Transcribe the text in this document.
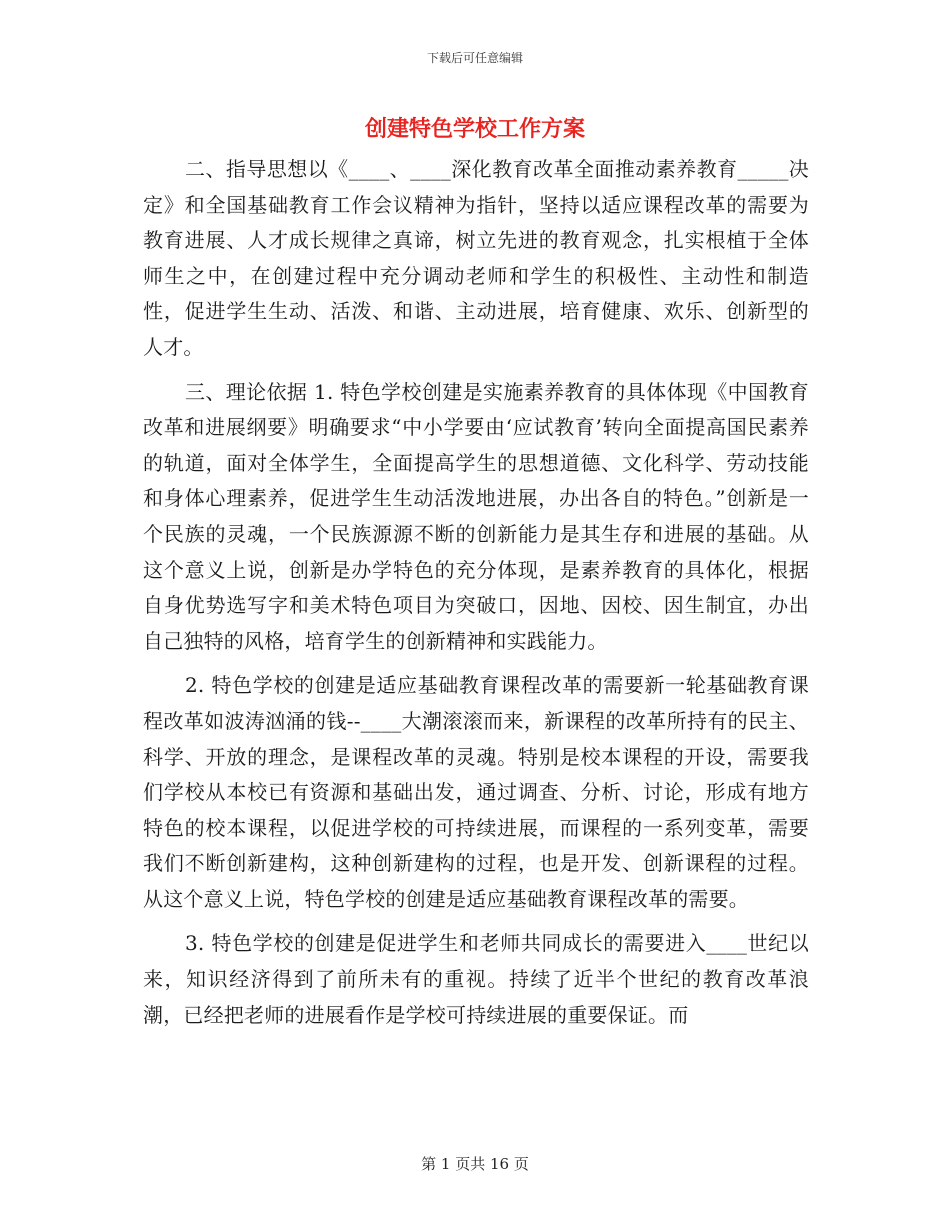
下载后可任意编辑
创建特色学校工作方案

二、指导思想以《____、____深化教育改革全面推动素养教育_____决定》和全国基础教育工作会议精神为指针，坚持以适应课程改革的需要为教育进展、人才成长规律之真谛，树立先进的教育观念，扎实根植于全体师生之中，在创建过程中充分调动老师和学生的积极性、主动性和制造性，促进学生生动、活泼、和谐、主动进展，培育健康、欢乐、创新型的人才。

三、理论依据 1. 特色学校创建是实施素养教育的具体体现《中国教育改革和进展纲要》明确要求“中小学要由‘应试教育’转向全面提高国民素养的轨道，面对全体学生，全面提高学生的思想道德、文化科学、劳动技能和身体心理素养，促进学生生动活泼地进展，办出各自的特色。”创新是一个民族的灵魂，一个民族源源不断的创新能力是其生存和进展的基础。从这个意义上说，创新是办学特色的充分体现，是素养教育的具体化，根据自身优势选写字和美术特色项目为突破口，因地、因校、因生制宜，办出自己独特的风格，培育学生的创新精神和实践能力。

2. 特色学校的创建是适应基础教育课程改革的需要新一轮基础教育课程改革如波涛汹涌的钱--____大潮滚滚而来，新课程的改革所持有的民主、科学、开放的理念，是课程改革的灵魂。特别是校本课程的开设，需要我们学校从本校已有资源和基础出发，通过调查、分析、讨论，形成有地方特色的校本课程，以促进学校的可持续进展，而课程的一系列变革，需要我们不断创新建构，这种创新建构的过程，也是开发、创新课程的过程。从这个意义上说，特色学校的创建是适应基础教育课程改革的需要。

3. 特色学校的创建是促进学生和老师共同成长的需要进入____世纪以来，知识经济得到了前所未有的重视。持续了近半个世纪的教育改革浪潮，已经把老师的进展看作是学校可持续进展的重要保证。而

第 1 页共 16 页
